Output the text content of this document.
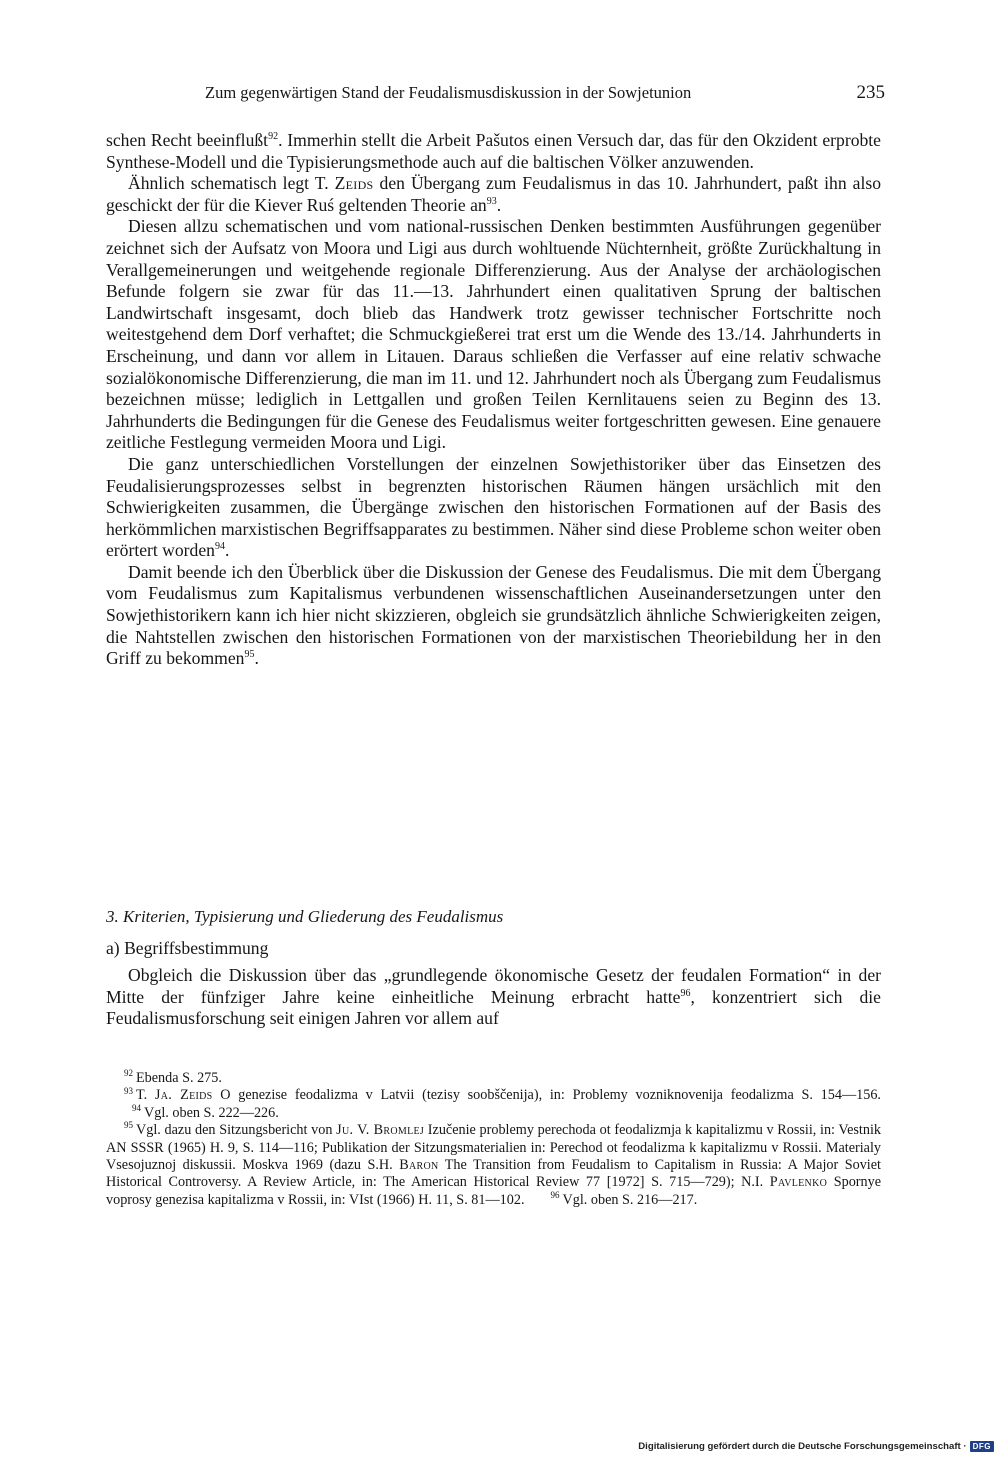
Zum gegenwärtigen Stand der Feudalismusdiskussion in der Sowjetunion	235

schen Recht beeinflußt$^{92}$. Immerhin stellt die Arbeit Pašutos einen Versuch dar, das für den Okzident erprobte Synthese-Modell und die Typisierungsmethode auch auf die baltischen Völker anzuwenden.

Ähnlich schematisch legt T. Zeids den Übergang zum Feudalismus in das 10. Jahrhundert, paßt ihn also geschickt der für die Kiever Ruś geltenden Theorie $an^{93}$.

Diesen allzu schematischen und vom national-russischen Denken bestimmten Ausführungen gegenüber zeichnet sich der Aufsatz von Moora und Ligi aus durch wohltuende Nüchternheit, größte Zurückhaltung in Verallgemeinerungen und weitgehende regionale Differenzierung. Aus der Analyse der archäologischen Befunde folgern sie zwar für das 11.—13. Jahrhundert einen qualitativen Sprung der baltischen Landwirtschaft insgesamt, doch blieb das Handwerk trotz gewisser technischer Fortschritte noch weitestgehend dem Dorf verhaftet; die Schmuckgießerei trat erst um die Wende des 13./14. Jahrhunderts in Erscheinung, und dann vor allem in Litauen. Daraus schließen die Verfasser auf eine relativ schwache sozialökonomische Differenzierung, die man im 11. und 12. Jahrhundert noch als Übergang zum Feudalismus bezeichnen müsse; lediglich in Lettgallen und großen Teilen Kernlitauens seien zu Beginn des 13. Jahrhunderts die Bedingungen für die Genese des Feudalismus weiter fortgeschritten gewesen. Eine genauere zeitliche Festlegung vermeiden Moora und Ligi.

Die ganz unterschiedlichen Vorstellungen der einzelnen Sowjethistoriker über das Einsetzen des Feudalisierungsprozesses selbst in begrenzten historischen Räumen hängen ursächlich mit den Schwierigkeiten zusammen, die Übergänge zwischen den historischen Formationen auf der Basis des herkömmlichen marxistischen Begriffsapparates zu bestimmen. Näher sind diese Probleme schon weiter oben erörtert worden$^{94}$.

Damit beende ich den Überblick über die Diskussion der Genese des Feudalismus. Die mit dem Übergang vom Feudalismus zum Kapitalismus verbundenen wissenschaftlichen Auseinandersetzungen unter den Sowjethistorikern kann ich hier nicht skizzieren, obgleich sie grundsätzlich ähnliche Schwierigkeiten zeigen, die Nahtstellen zwischen den historischen Formationen von der marxistischen Theoriebildung her in den Griff zu bekommen$^{95}$.

3. Kriterien, Typisierung und Gliederung des Feudalismus
a) Begriffsbestimmung

Obgleich die Diskussion über das „grundlegende ökonomische Gesetz der feudalen Formation“ in der Mitte der fünfziger Jahre keine einheitliche Meinung erbracht hatte$^{96}$, konzentriert sich die Feudalismusforschung seit einigen Jahren vor allem auf

$^{92}$ Ebenda S. 275.

$^{93}$ T. Ja. Zeids O genezise feodalizma v Latvii (tezisy soobščenija), in: Problemy vozniknovenija feodalizma S. 154—156.94 Vgl. oben S. 222—226.

$^{95}$ Vgl. dazu den Sitzungsbericht von Ju. V. Bromlej Izučenie problemy perechoda ot feodalizmja k kapitalizmu v Rossii, in: Vestnik AN SSSR (1965) H. 9, S. 114—116; Publikation der Sitzungsmaterialien in: Perechod ot feodalizma k kapitalizmu v Rossii. Materialy Vsesojuznoj diskussii. Moskva 1969 (dazu S.H. Baron The Transition from Feudalism to Capitalism in Russia: A Major Soviet Historical Controversy. A Review Article, in: The American Historical Review 77 [1972] S. 715—729); N.I. Pavlenko Spornye voprosy genezisa kapitalizma v Rossii, in: VIst (1966) H. 11, S. 81—102.	$^{96}$ Vgl. oben S. 216—217.

Digitalisierung gefördert durch die Deutsche Forschungsgemeinschaft · DFG
